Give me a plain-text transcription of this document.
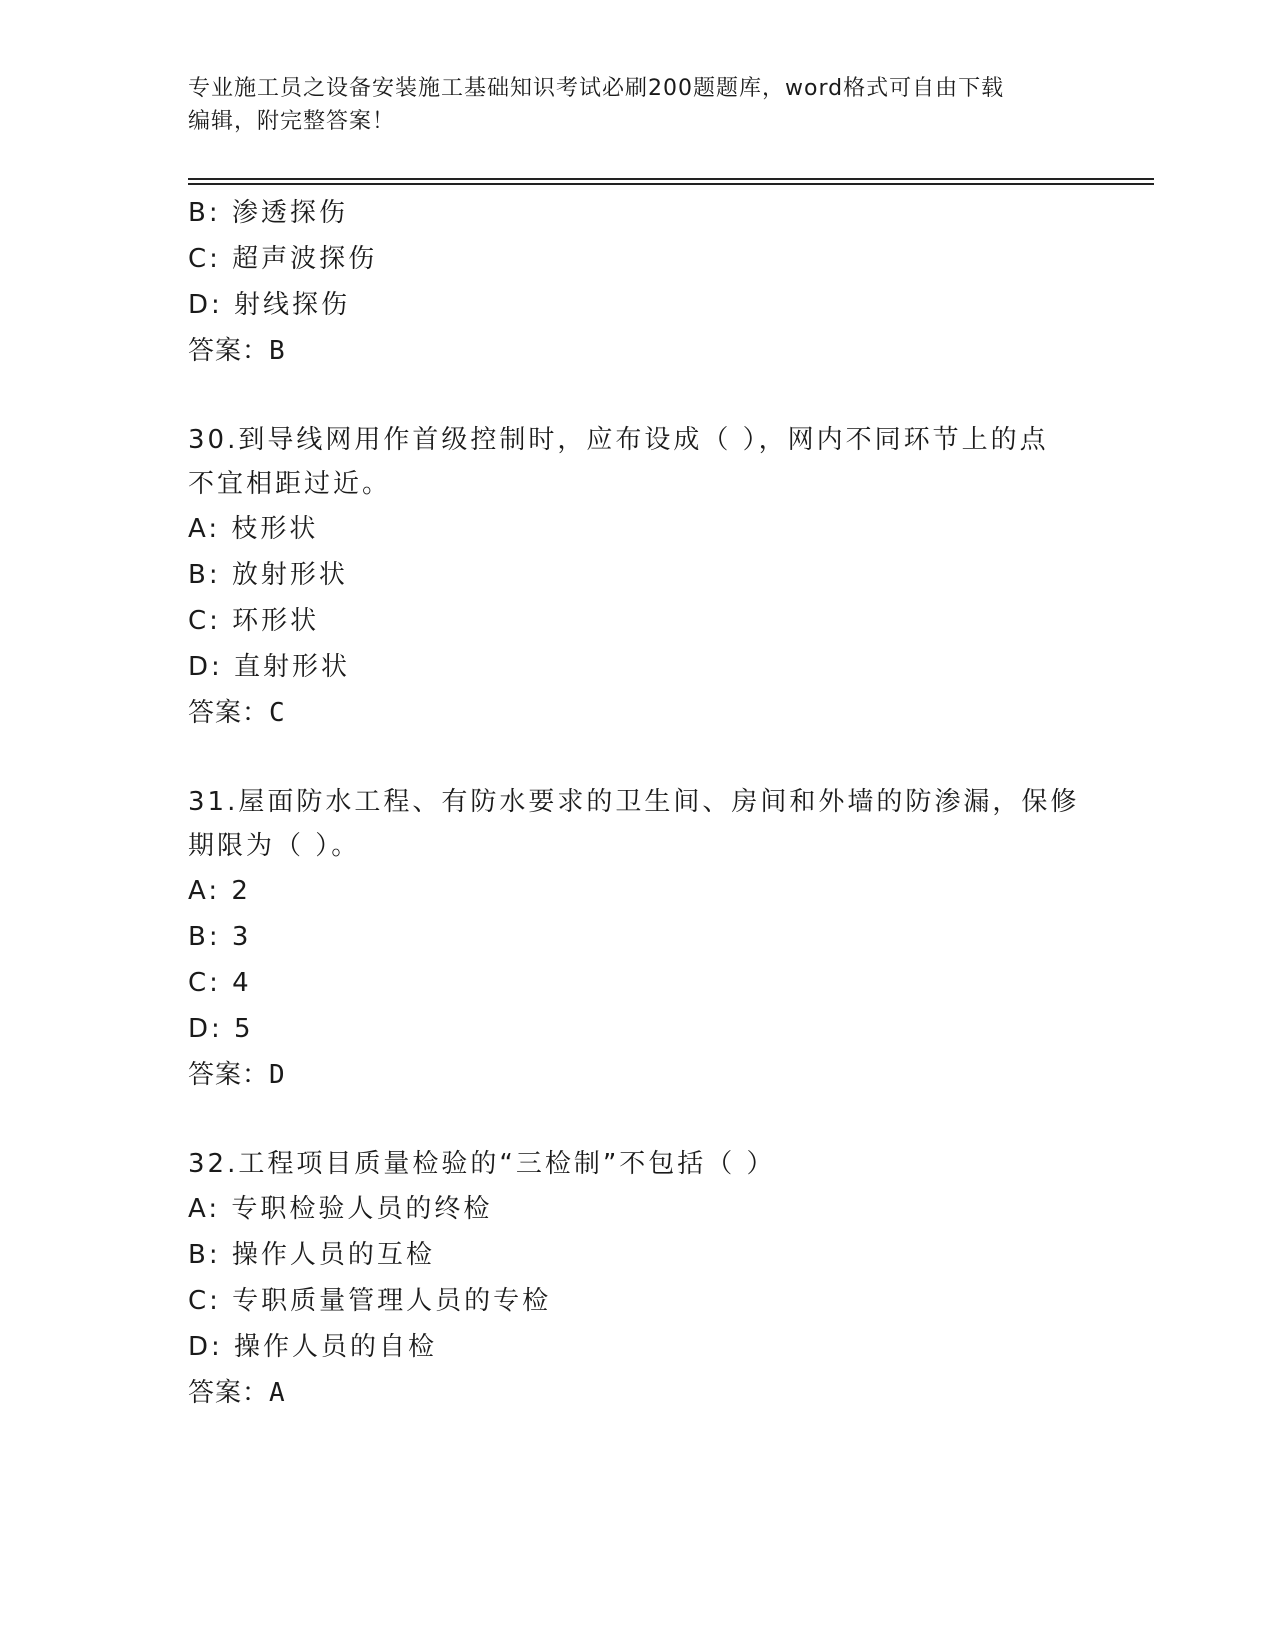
专业施工员之设备安装施工基础知识考试必刷200题题库，word格式可自由下载
编辑，附完整答案！
B: 渗透探伤
C: 超声波探伤
D: 射线探伤
答案：B
30.到导线网用作首级控制时，应布设成（ ），网内不同环节上的点
不宜相距过近。
A: 枝形状
B: 放射形状
C: 环形状
D: 直射形状
答案：C
31.屋面防水工程、有防水要求的卫生间、房间和外墙的防渗漏，保修
期限为（ ）。
A: 2
B: 3
C: 4
D: 5
答案：D
32.工程项目质量检验的“三检制”不包括（ ）
A: 专职检验人员的终检
B: 操作人员的互检
C: 专职质量管理人员的专检
D: 操作人员的自检
答案：A
